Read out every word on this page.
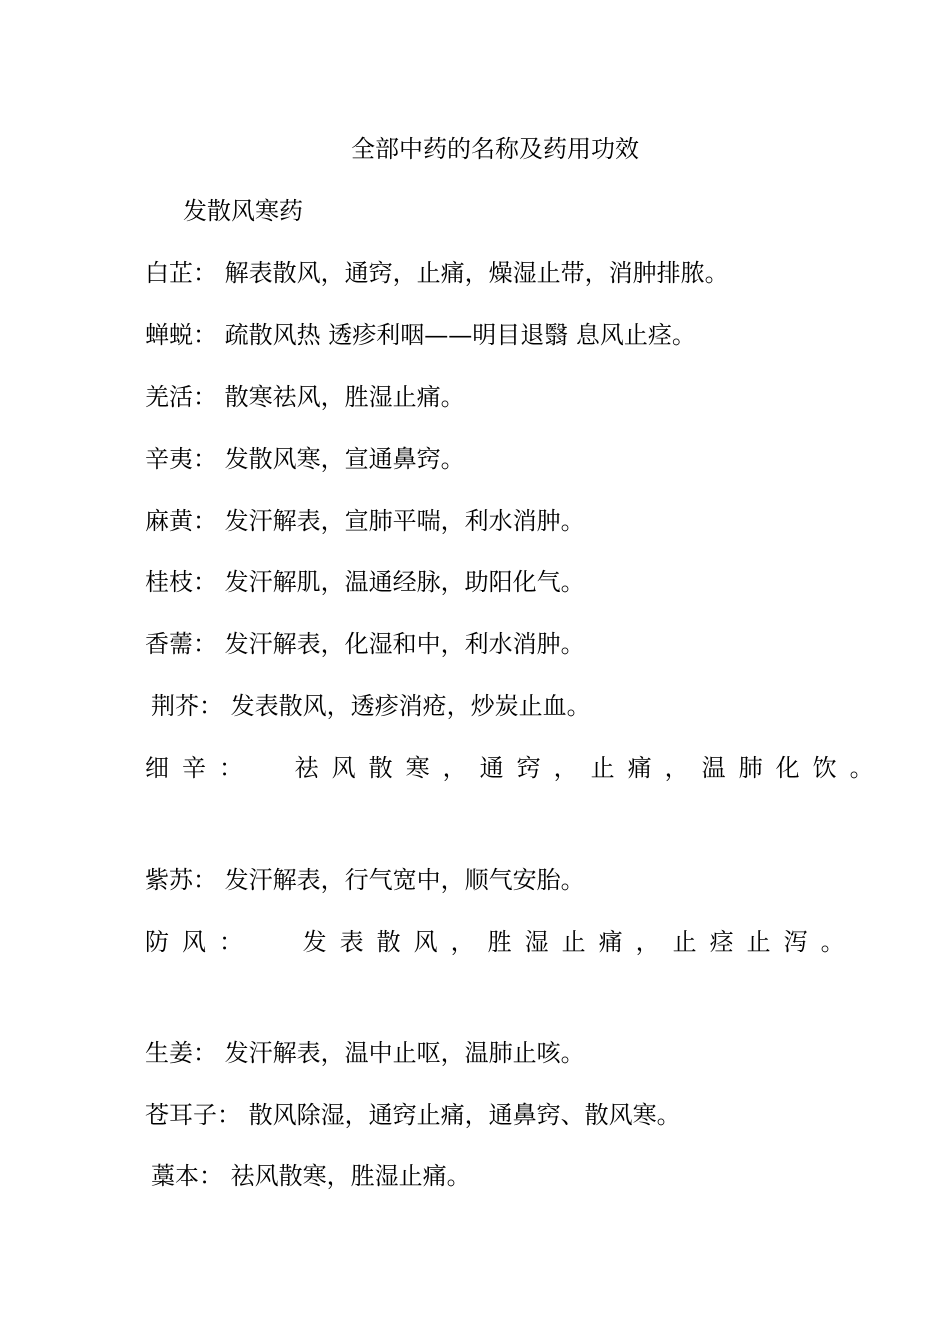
全部中药的名称及药用功效
发散风寒药
白芷： 解表散风，通窍，止痛，燥湿止带，消肿排脓。
蝉蜕： 疏散风热 透疹利咽——明目退翳 息风止痉。
羌活： 散寒祛风，胜湿止痛。
辛夷： 发散风寒，宣通鼻窍。
麻黄： 发汗解表，宣肺平喘，利水消肿。
桂枝： 发汗解肌，温通经脉，助阳化气。
香薷： 发汗解表，化湿和中，利水消肿。
荆芥： 发表散风，透疹消疮，炒炭止血。
细辛： 祛风散寒，通窍，止痛，温肺化饮。
紫苏： 发汗解表，行气宽中，顺气安胎。
防风： 发表散风，胜湿止痛，止痉止泻。
生姜： 发汗解表，温中止呕，温肺止咳。
苍耳子： 散风除湿，通窍止痛，通鼻窍、散风寒。
藁本： 祛风散寒，胜湿止痛。
